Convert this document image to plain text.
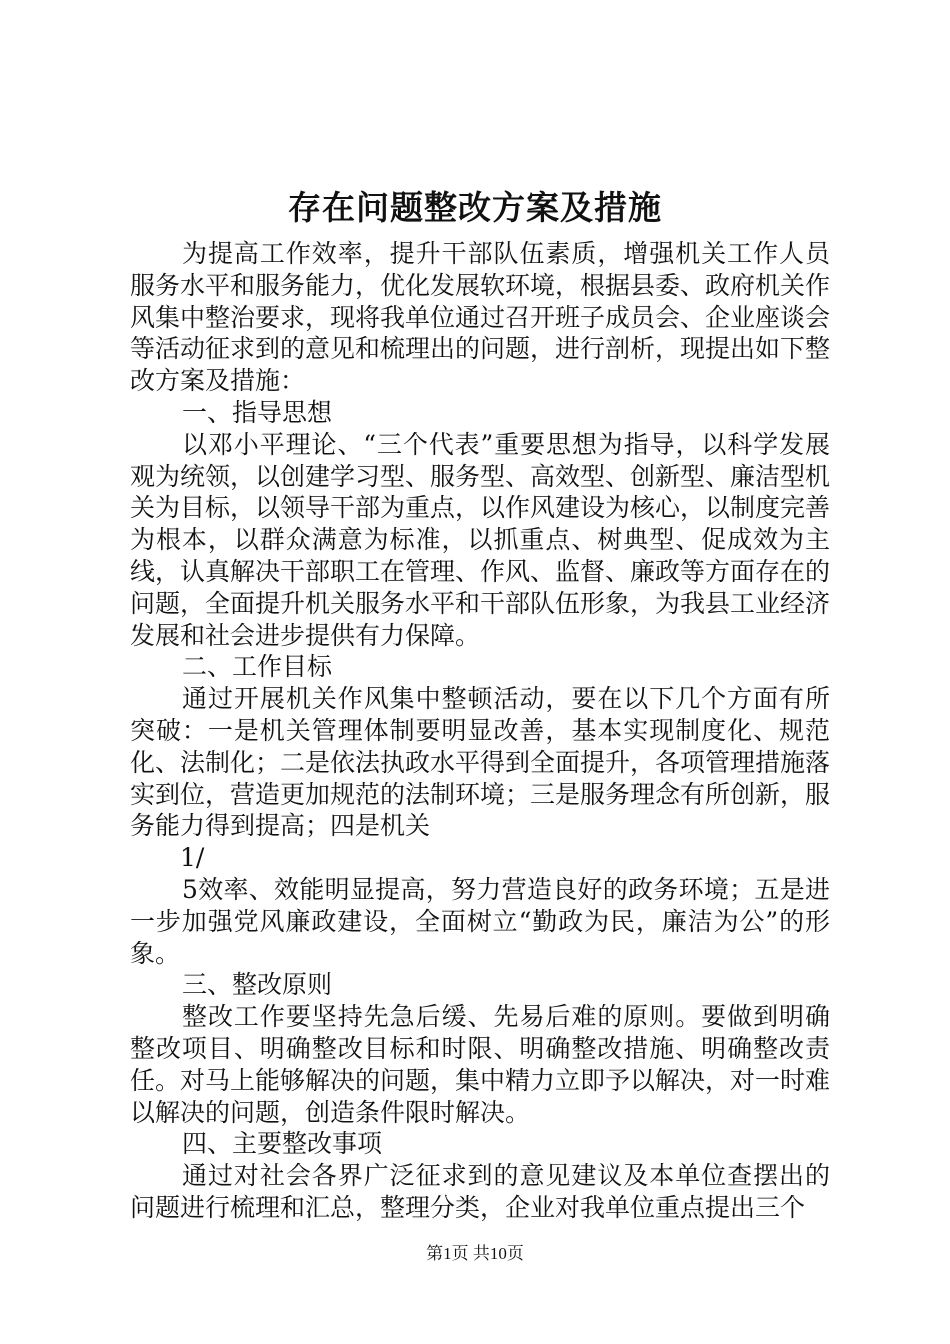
存在问题整改方案及措施

为提高工作效率，提升干部队伍素质，增强机关工作人员服务水平和服务能力，优化发展软环境，根据县委、政府机关作风集中整治要求，现将我单位通过召开班子成员会、企业座谈会等活动征求到的意见和梳理出的问题，进行剖析，现提出如下整改方案及措施：

一、指导思想

以邓小平理论、“三个代表”重要思想为指导，以科学发展观为统领，以创建学习型、服务型、高效型、创新型、廉洁型机关为目标，以领导干部为重点，以作风建设为核心，以制度完善为根本，以群众满意为标准，以抓重点、树典型、促成效为主线，认真解决干部职工在管理、作风、监督、廉政等方面存在的问题，全面提升机关服务水平和干部队伍形象，为我县工业经济发展和社会进步提供有力保障。

二、工作目标

通过开展机关作风集中整顿活动，要在以下几个方面有所突破：一是机关管理体制要明显改善，基本实现制度化、规范化、法制化；二是依法执政水平得到全面提升，各项管理措施落实到位，营造更加规范的法制环境；三是服务理念有所创新，服务能力得到提高；四是机关

1/

5效率、效能明显提高，努力营造良好的政务环境；五是进一步加强党风廉政建设，全面树立“勤政为民，廉洁为公”的形象。

三、整改原则

整改工作要坚持先急后缓、先易后难的原则。要做到明确整改项目、明确整改目标和时限、明确整改措施、明确整改责任。对马上能够解决的问题，集中精力立即予以解决，对一时难以解决的问题，创造条件限时解决。

四、主要整改事项

通过对社会各界广泛征求到的意见建议及本单位查摆出的问题进行梳理和汇总，整理分类，企业对我单位重点提出三个

第1页 共10页
